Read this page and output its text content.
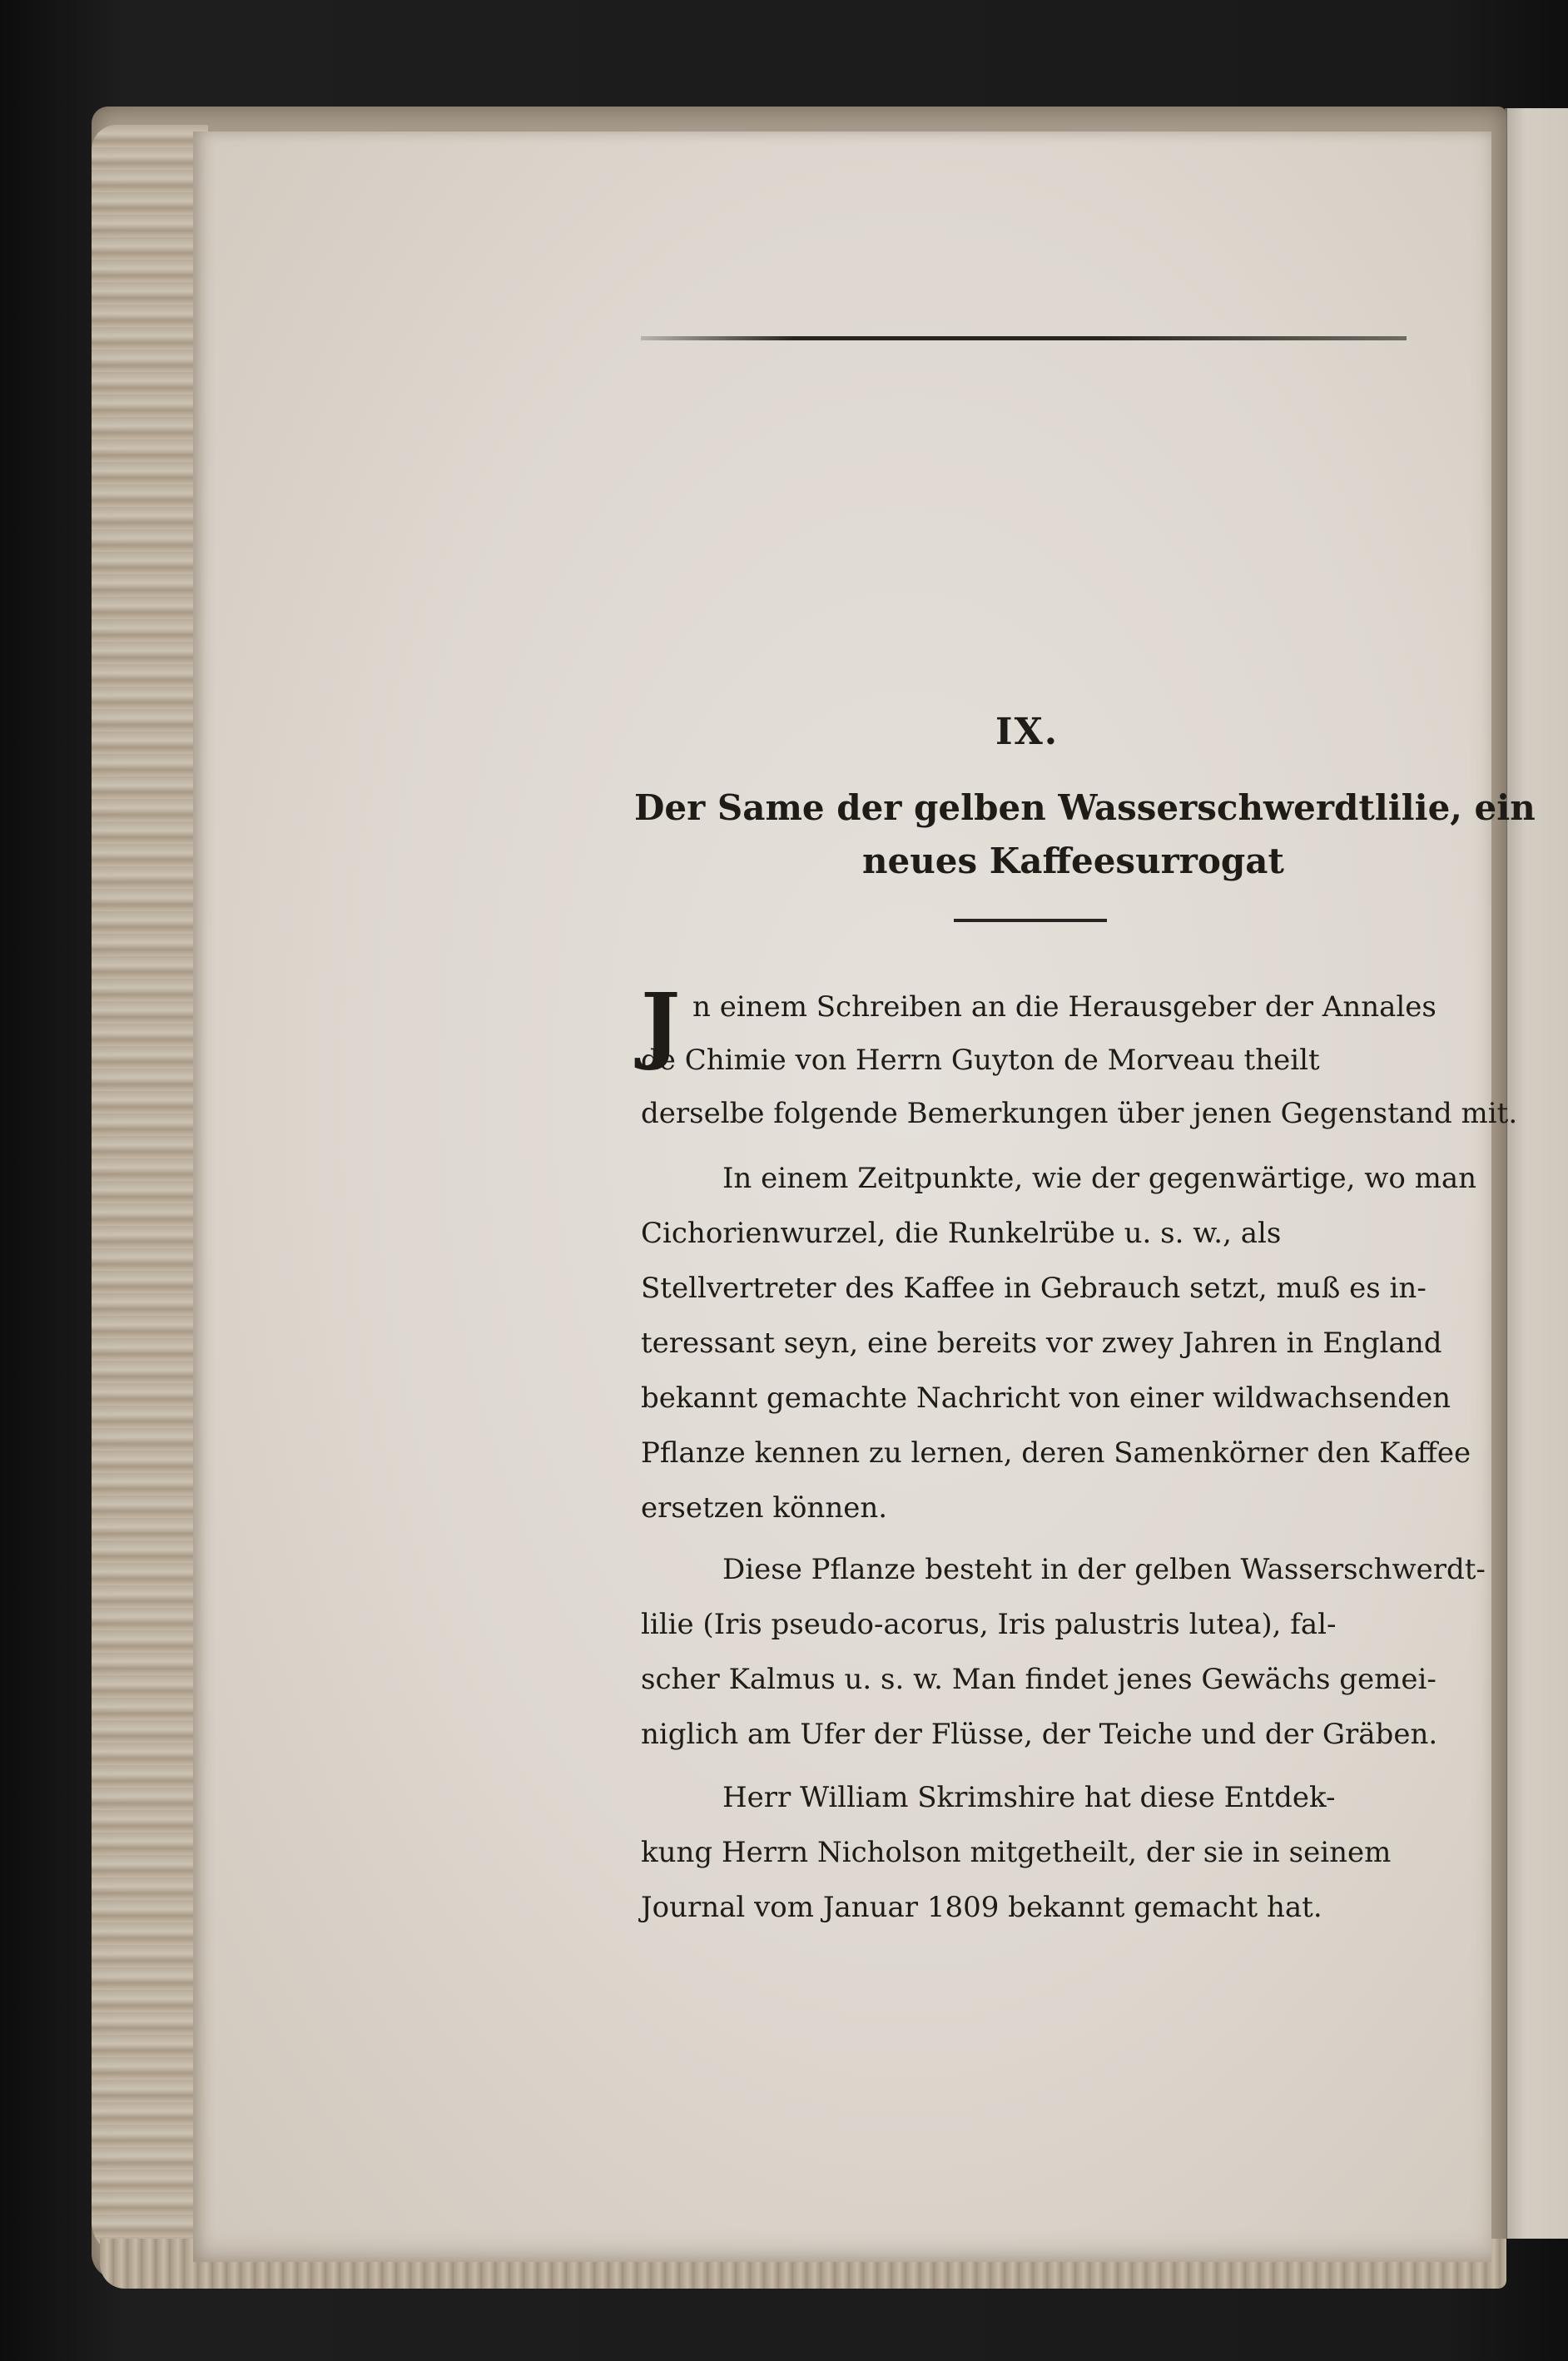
IX.
Der Same der gelben Wasserschwerdtlilie, ein
neues Kaffeesurrogat
J n einem Schreiben an die Herausgeber der Annales
de Chimie von Herrn Guyton de Morveau theilt
derselbe folgende Bemerkungen über jenen Gegenstand mit.
In einem Zeitpunkte, wie der gegenwärtige, wo man
Cichorienwurzel, die Runkelrübe u. s. w., als
Stellvertreter des Kaffee in Gebrauch setzt, muß es in-
teressant seyn, eine bereits vor zwey Jahren in England
bekannt gemachte Nachricht von einer wildwachsenden
Pflanze kennen zu lernen, deren Samenkörner den Kaffee
ersetzen können.
Diese Pflanze besteht in der gelben Wasserschwerdt-
lilie (Iris pseudo-acorus, Iris palustris lutea), fal-
scher Kalmus u. s. w. Man findet jenes Gewächs gemei-
niglich am Ufer der Flüsse, der Teiche und der Gräben.
Herr William Skrimshire hat diese Entdek-
kung Herrn Nicholson mitgetheilt, der sie in seinem
Journal vom Januar 1809 bekannt gemacht hat.
